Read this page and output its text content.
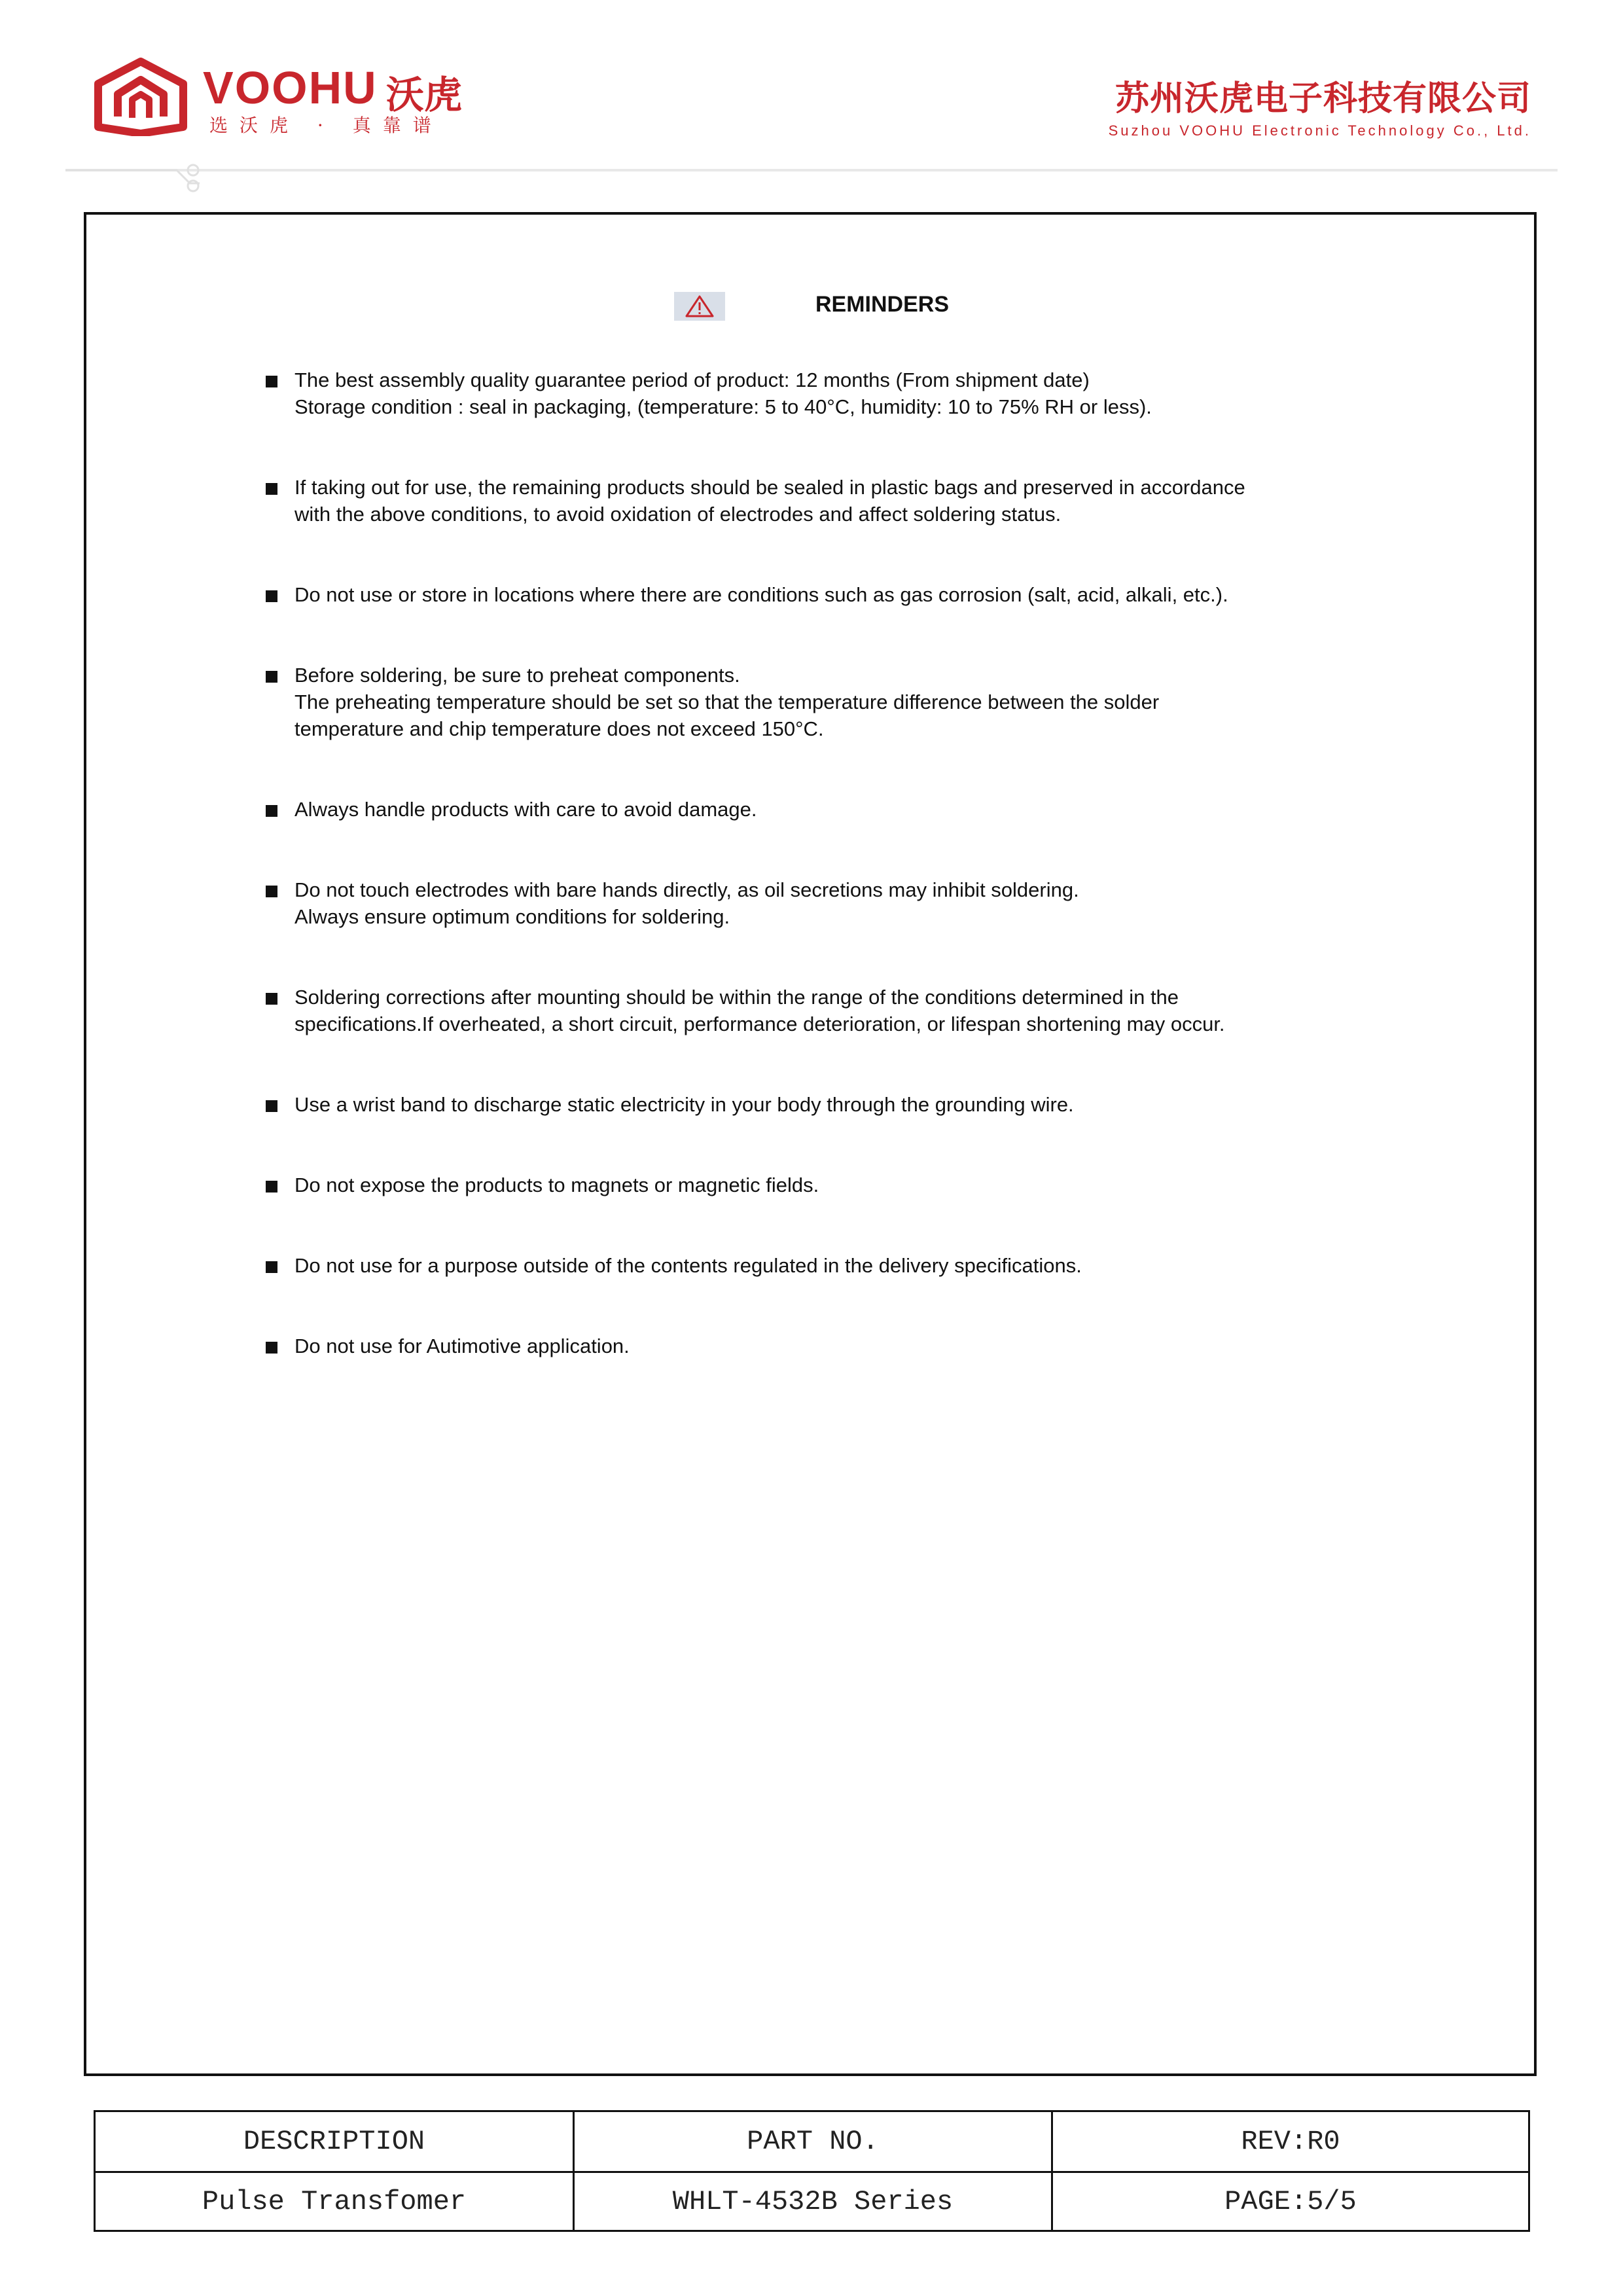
VOOHU 沃虎
选沃虎 · 真靠谱
苏州沃虎电子科技有限公司
Suzhou VOOHU Electronic Technology Co., Ltd.
REMINDERS
The best assembly quality guarantee period of product: 12 months (From shipment date)
Storage condition : seal in packaging, (temperature: 5 to 40°C, humidity: 10 to 75% RH or less).
If taking out for use, the remaining products should be sealed in plastic bags and preserved in accordance
with the above conditions, to avoid oxidation of electrodes and affect soldering status.
Do not use or store in locations where there are conditions such as gas corrosion (salt, acid, alkali, etc.).
Before soldering, be sure to preheat components.
The preheating temperature should be set so that the temperature difference between the solder
temperature and chip temperature does not exceed 150°C.
Always handle products with care to avoid damage.
Do not touch electrodes with bare hands directly, as oil secretions may inhibit soldering.
Always ensure optimum conditions for soldering.
Soldering corrections after mounting should be within the range of the conditions determined in the
specifications.If overheated, a short circuit, performance deterioration, or lifespan shortening may occur.
Use a wrist band to discharge static electricity in your body through the grounding wire.
Do not expose the products to magnets or magnetic fields.
Do not use for a purpose outside of the contents regulated in the delivery specifications.
Do not use for Autimotive application.
DESCRIPTION	PART NO.	REV:R0
Pulse Transfomer	WHLT-4532B Series	PAGE:5/5
